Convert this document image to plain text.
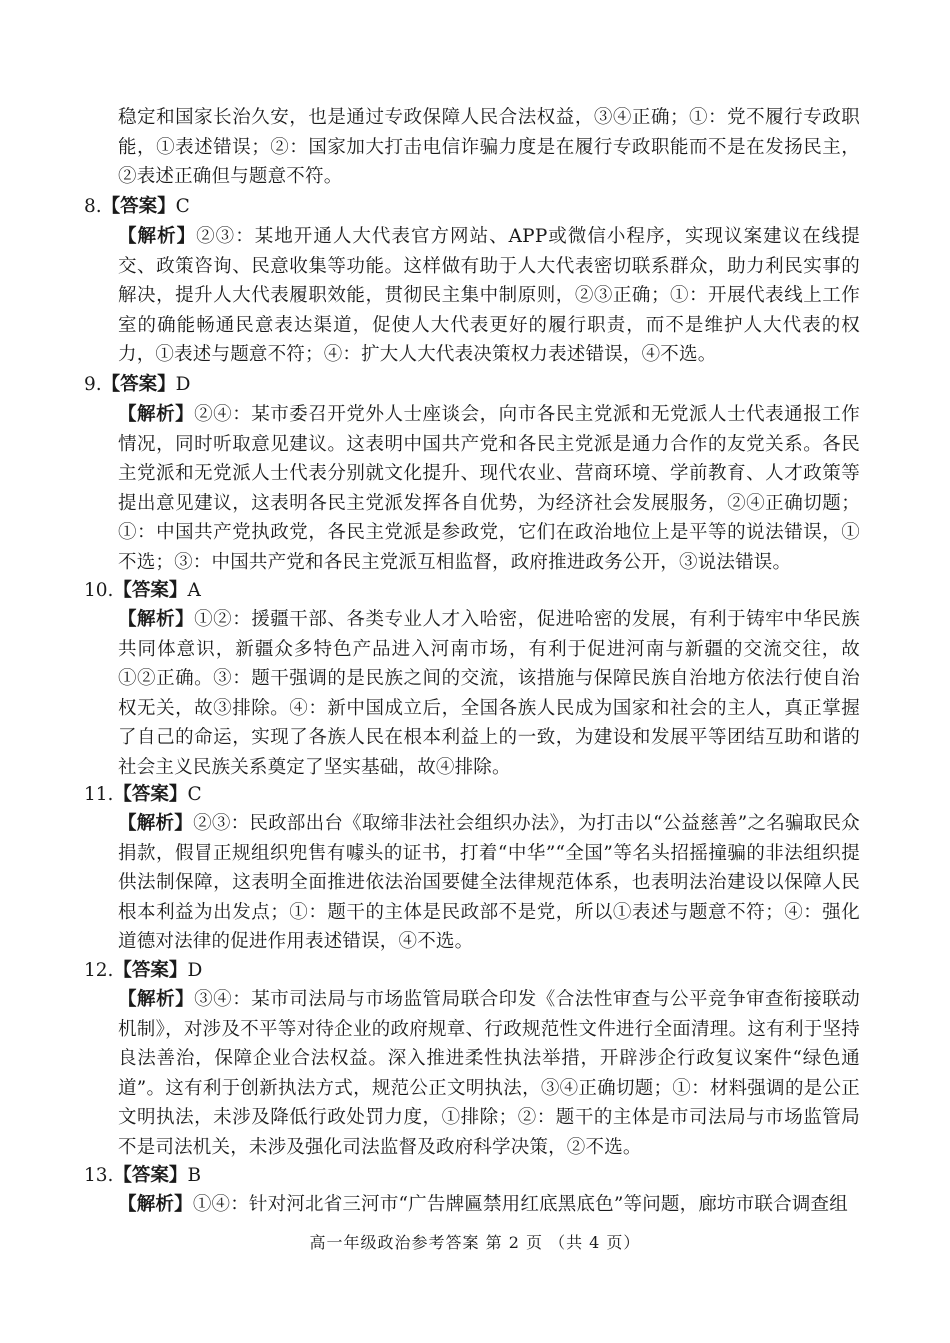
稳定和国家长治久安，也是通过专政保障人民合法权益，③④正确；①：党不履行专政职能，①表述错误；②：国家加大打击电信诈骗力度是在履行专政职能而不是在发扬民主，②表述正确但与题意不符。
8.【答案】C
【解析】②③：某地开通人大代表官方网站、APP或微信小程序，实现议案建议在线提交、政策咨询、民意收集等功能。这样做有助于人大代表密切联系群众，助力利民实事的解决，提升人大代表履职效能，贯彻民主集中制原则，②③正确；①：开展代表线上工作室的确能畅通民意表达渠道，促使人大代表更好的履行职责，而不是维护人大代表的权力，①表述与题意不符；④：扩大人大代表决策权力表述错误，④不选。
9.【答案】D
【解析】②④：某市委召开党外人士座谈会，向市各民主党派和无党派人士代表通报工作情况，同时听取意见建议。这表明中国共产党和各民主党派是通力合作的友党关系。各民主党派和无党派人士代表分别就文化提升、现代农业、营商环境、学前教育、人才政策等提出意见建议，这表明各民主党派发挥各自优势，为经济社会发展服务，②④正确切题；①：中国共产党执政党，各民主党派是参政党，它们在政治地位上是平等的说法错误，①不选；③：中国共产党和各民主党派互相监督，政府推进政务公开，③说法错误。
10.【答案】A
【解析】①②：援疆干部、各类专业人才入哈密，促进哈密的发展，有利于铸牢中华民族共同体意识，新疆众多特色产品进入河南市场，有利于促进河南与新疆的交流交往，故①②正确。③：题干强调的是民族之间的交流，该措施与保障民族自治地方依法行使自治权无关，故③排除。④：新中国成立后，全国各族人民成为国家和社会的主人，真正掌握了自己的命运，实现了各族人民在根本利益上的一致，为建设和发展平等团结互助和谐的社会主义民族关系奠定了坚实基础，故④排除。
11.【答案】C
【解析】②③：民政部出台《取缔非法社会组织办法》，为打击以“公益慈善”之名骗取民众捐款，假冒正规组织兜售有噱头的证书，打着“中华”“全国”等名头招摇撞骗的非法组织提供法制保障，这表明全面推进依法治国要健全法律规范体系，也表明法治建设以保障人民根本利益为出发点；①：题干的主体是民政部不是党，所以①表述与题意不符；④：强化道德对法律的促进作用表述错误，④不选。
12.【答案】D
【解析】③④：某市司法局与市场监管局联合印发《合法性审查与公平竞争审查衔接联动机制》，对涉及不平等对待企业的政府规章、行政规范性文件进行全面清理。这有利于坚持良法善治，保障企业合法权益。深入推进柔性执法举措，开辟涉企行政复议案件“绿色通道”。这有利于创新执法方式，规范公正文明执法，③④正确切题；①：材料强调的是公正文明执法，未涉及降低行政处罚力度，①排除；②：题干的主体是市司法局与市场监管局不是司法机关，未涉及强化司法监督及政府科学决策，②不选。
13.【答案】B
【解析】①④：针对河北省三河市“广告牌匾禁用红底黑底色”等问题，廊坊市联合调查组
高一年级政治参考答案 第 2 页 （共 4 页）
